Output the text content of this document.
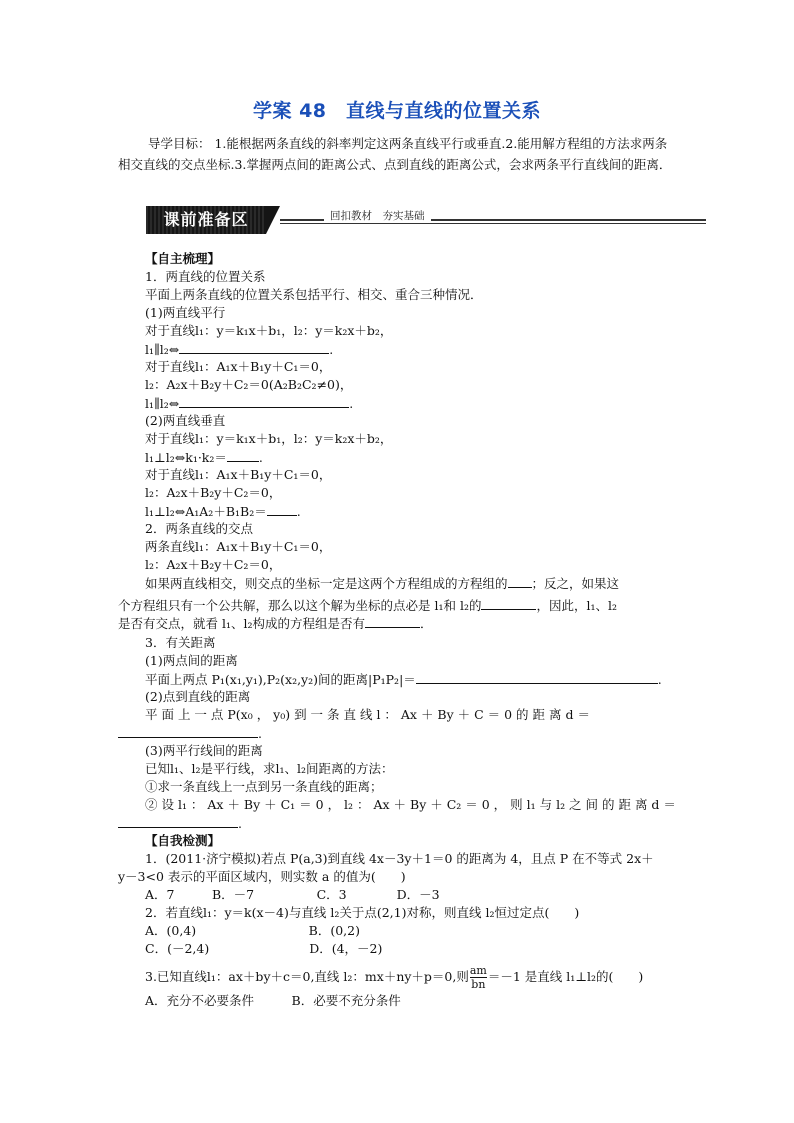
学案 48　直线与直线的位置关系
导学目标： 1.能根据两条直线的斜率判定这两条直线平行或垂直.2.能用解方程组的方法求两条相交直线的交点坐标.3.掌握两点间的距离公式、点到直线的距离公式，会求两条平行直线间的距离．
课前准备区	回扣教材　夯实基础
【自主梳理】
1．两直线的位置关系
平面上两条直线的位置关系包括平行、相交、重合三种情况．
(1)两直线平行
对于直线l₁：y＝k₁x＋b₁，l₂：y＝k₂x＋b₂，
l₁∥l₂⇔	.
对于直线l₁：A₁x＋B₁y＋C₁＝0，
l₂：A₂x＋B₂y＋C₂＝0(A₂B₂C₂≠0)，
l₁∥l₂⇔	.
(2)两直线垂直
对于直线l₁：y＝k₁x＋b₁，l₂：y＝k₂x＋b₂，
l₁⊥l₂⇔k₁·k₂＝	.
对于直线l₁：A₁x＋B₁y＋C₁＝0，
l₂：A₂x＋B₂y＋C₂＝0，
l₁⊥l₂⇔A₁A₂＋B₁B₂＝ .
2．两条直线的交点
两条直线l₁：A₁x＋B₁y＋C₁＝0，
l₂：A₂x＋B₂y＋C₂＝0，
如果两直线相交，则交点的坐标一定是这两个方程组成的方程组的 ；反之，如果这
个方程组只有一个公共解，那么以这个解为坐标的点必是 l₁和 l₂的	，因此，l₁、l₂
是否有交点，就看 l₁、l₂构成的方程组是否有	．
3．有关距离
(1)两点间的距离
平面上两点 P₁(x₁,y₁),P₂(x₂,y₂)间的距离|P₁P₂|＝	.
(2)点到直线的距离
平 面 上 一 点 P(x₀ ， y₀) 到 一 条 直 线 l ： Ax ＋ By ＋ C ＝ 0 的 距 离 d ＝
.
(3)两平行线间的距离
已知l₁、l₂是平行线，求l₁、l₂间距离的方法：
①求一条直线上一点到另一条直线的距离；
② 设 l₁ ： Ax ＋ By ＋ C₁ ＝ 0 ， l₂ ： Ax ＋ By ＋ C₂ ＝ 0 ， 则 l₁ 与 l₂ 之 间 的 距 离 d ＝
.
【自我检测】
1．(2011·济宁模拟)若点 P(a,3)到直线 4x－3y＋1＝0 的距离为 4，且点 P 在不等式 2x＋
y－3<0 表示的平面区域内，则实数 a 的值为(　　)
A．7　　　B．－7　　　　　C．3　　　　D．－3
2．若直线l₁：y＝k(x－4)与直线 l₂关于点(2,1)对称，则直线 l₂恒过定点(　　)
A．(0,4)　　　　　　　　　B．(0,2)
C．(－2,4)　　　　　　　　D．(4，－2)
3.已知直线l₁：ax＋by＋c＝0,直线 l₂：mx＋ny＋p＝0,则 $\frac{am}{bn} =-1$ 是直线 l₁⊥l₂的(　　)
A．充分不必要条件　　　B．必要不充分条件
